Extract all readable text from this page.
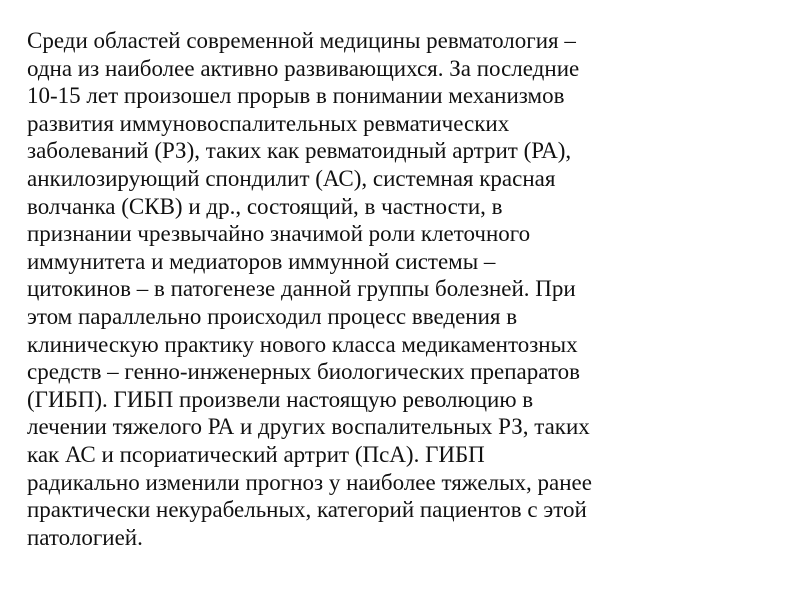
Среди областей современной медицины ревматология –
одна из наиболее активно развивающихся. За последние
10-15 лет произошел прорыв в понимании механизмов
развития иммуновоспалительных ревматических
заболеваний (РЗ), таких как ревматоидный артрит (РА),
анкилозирующий спондилит (АС), системная красная
волчанка (СКВ) и др., состоящий, в частности, в
признании чрезвычайно значимой роли клеточного
иммунитета и медиаторов иммунной системы –
цитокинов – в патогенезе данной группы болезней. При
этом параллельно происходил процесс введения в
клиническую практику нового класса медикаментозных
средств – генно-инженерных биологических препаратов
(ГИБП). ГИБП произвели настоящую революцию в
лечении тяжелого РА и других воспалительных РЗ, таких
как АС и псориатический артрит (ПсА). ГИБП
радикально изменили прогноз у наиболее тяжелых, ранее
практически некурабельных, категорий пациентов с этой
патологией.
